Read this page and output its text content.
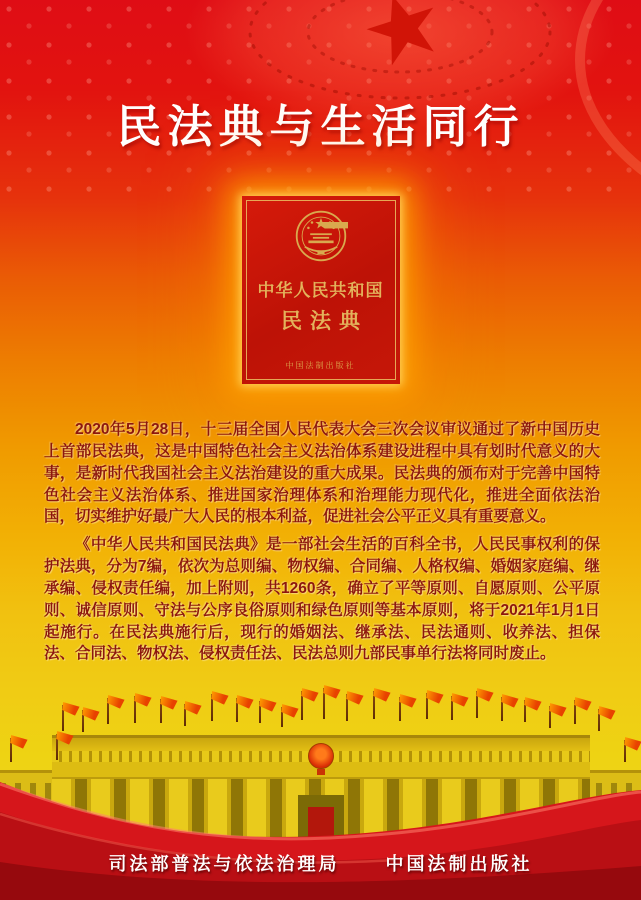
民法典与生活同行
中华人民共和国
民法典
中国法制出版社

2020年5月28日，十三届全国人民代表大会三次会议审议通过了新中国历史上首部民法典，这是中国特色社会主义法治体系建设进程中具有划时代意义的大事，是新时代我国社会主义法治建设的重大成果。民法典的颁布对于完善中国特色社会主义法治体系、推进国家治理体系和治理能力现代化，推进全面依法治国，切实维护好最广大人民的根本利益，促进社会公平正义具有重要意义。

《中华人民共和国民法典》是一部社会生活的百科全书，人民民事权利的保护法典，分为7编，依次为总则编、物权编、合同编、人格权编、婚姻家庭编、继承编、侵权责任编，加上附则，共1260条，确立了平等原则、自愿原则、公平原则、诚信原则、守法与公序良俗原则和绿色原则等基本原则，将于2021年1月1日起施行。在民法典施行后，现行的婚姻法、继承法、民法通则、收养法、担保法、合同法、物权法、侵权责任法、民法总则九部民事单行法将同时废止。

司法部普法与依法治理局	中国法制出版社
